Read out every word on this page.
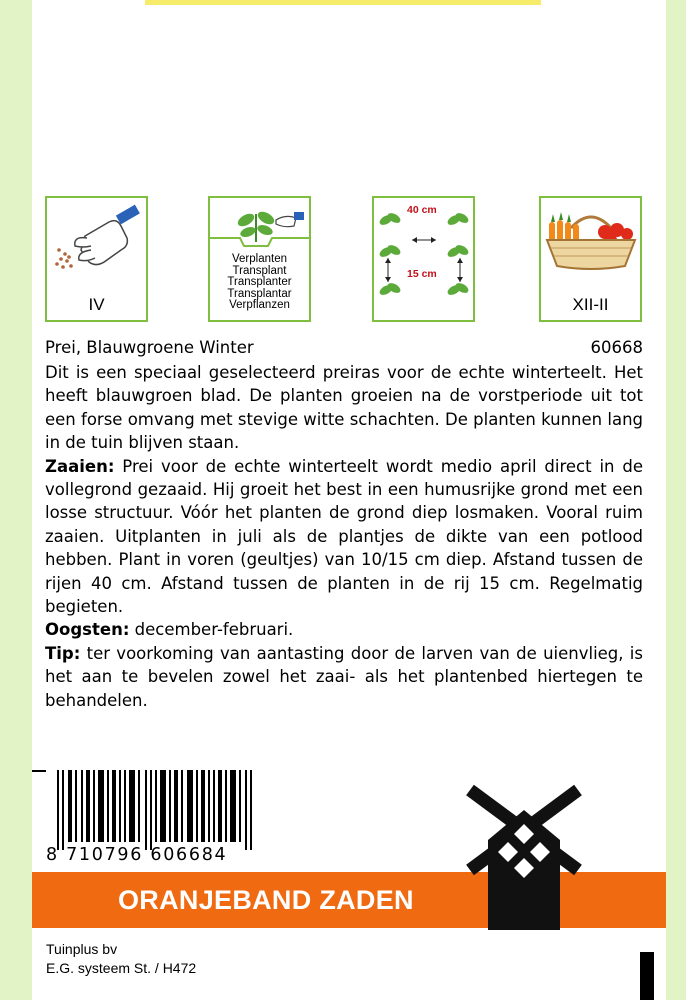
IV
Verplanten
Transplant
Transplanter
Transplantar
Verpflanzen
40 cm
15 cm
XII-II
Prei, Blauwgroene Winter	60668

Dit is een speciaal geselecteerd preiras voor de echte winterteelt. Het heeft blauwgroen blad. De planten groeien na de vorstperiode uit tot een forse omvang met stevige witte schachten. De planten kunnen lang in de tuin blijven staan.

Zaaien: Prei voor de echte winterteelt wordt medio april direct in de vollegrond gezaaid. Hij groeit het best in een humusrijke grond met een losse structuur. Vóór het planten de grond diep losmaken. Vooral ruim zaaien. Uitplanten in juli als de plantjes de dikte van een potlood hebben. Plant in voren (geultjes) van 10/15 cm diep. Afstand tussen de rijen 40 cm. Afstand tussen de planten in de rij 15 cm. Regelmatig begieten.

Oogsten: december-februari.

Tip: ter voorkoming van aantasting door de larven van de uienvlieg, is het aan te bevelen zowel het zaai- als het plantenbed hiertegen te behandelen.

8 710796 606684
ORANJEBAND ZADEN
Tuinplus bv
E.G. systeem St. / H472
